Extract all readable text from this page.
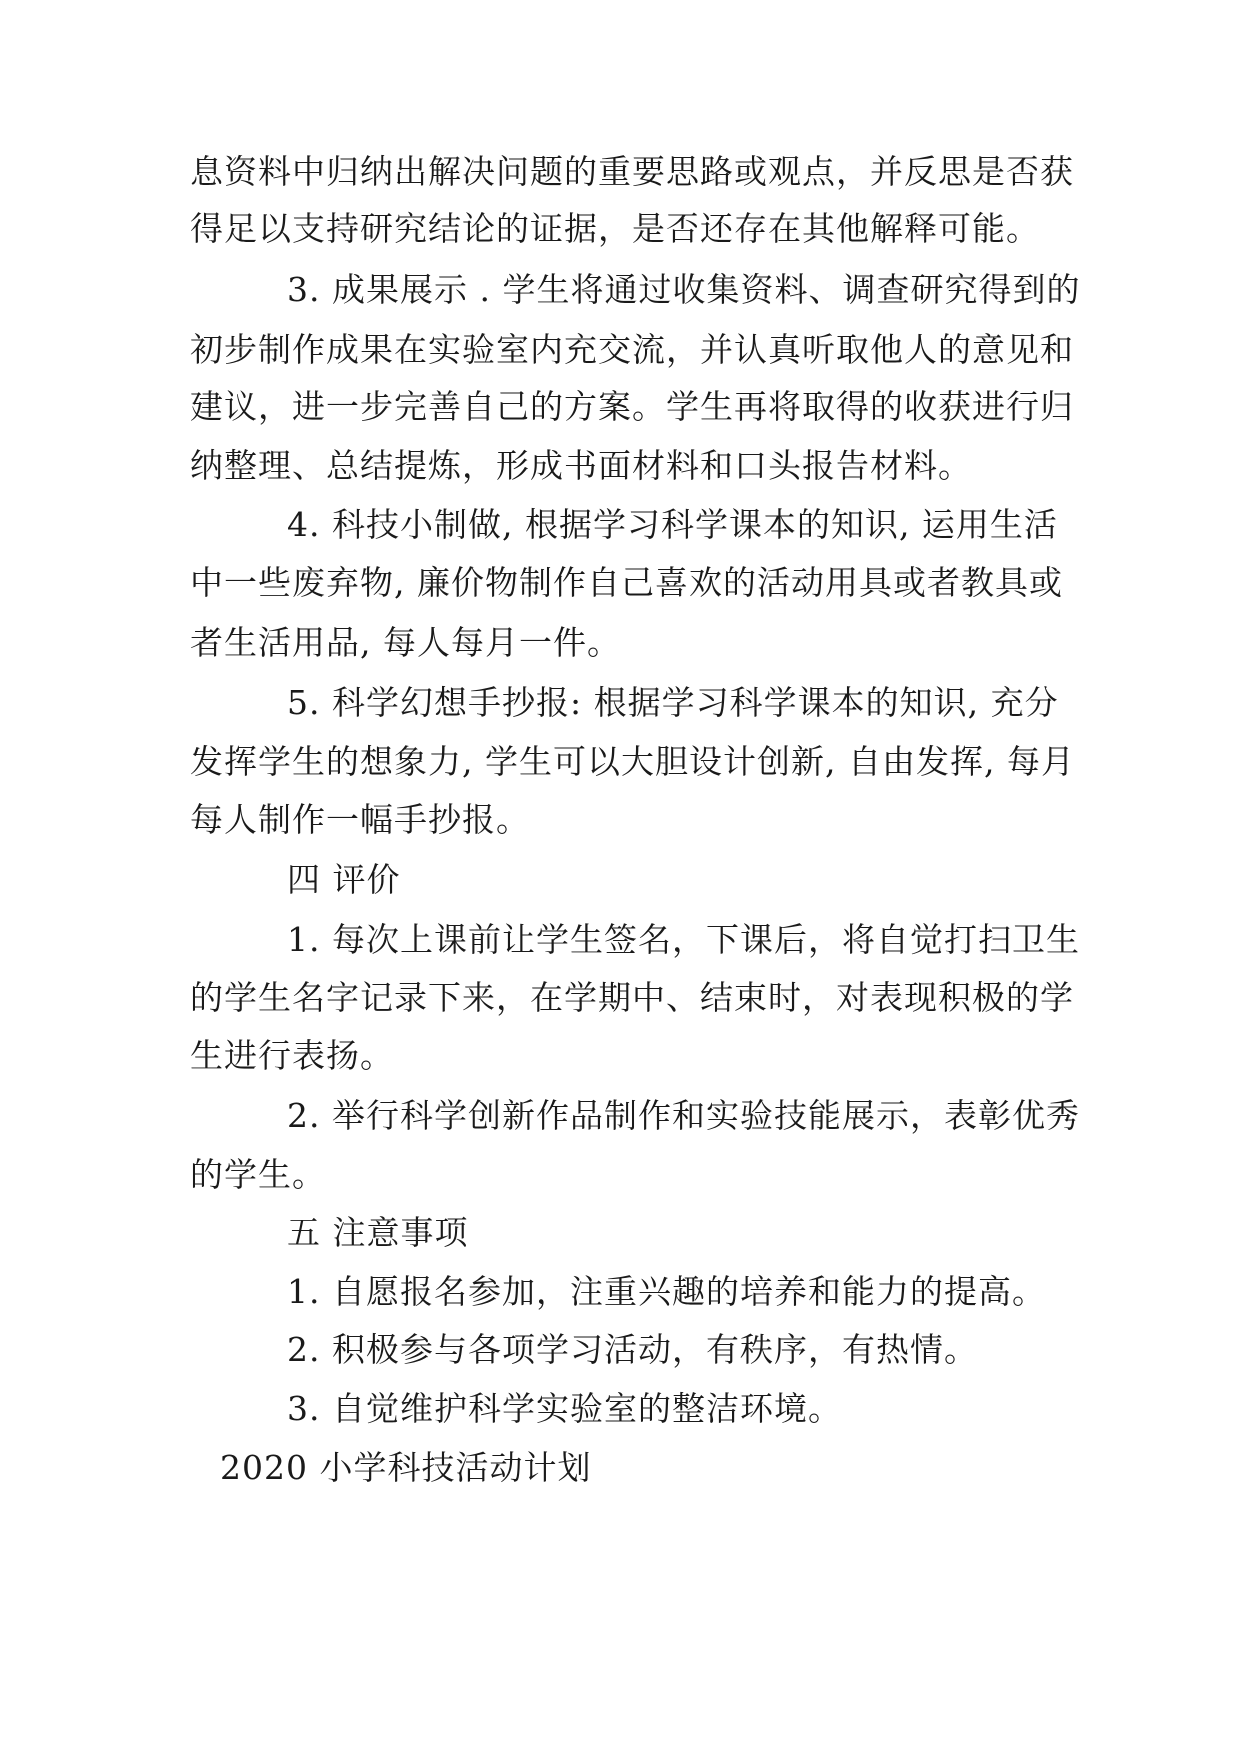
息资料中归纳出解决问题的重要思路或观点，并反思是否获
得足以支持研究结论的证据，是否还存在其他解释可能。
3. 成果展示 . 学生将通过收集资料、调查研究得到的
初步制作成果在实验室内充交流，并认真听取他人的意见和
建议，进一步完善自己的方案。学生再将取得的收获进行归
纳整理、总结提炼，形成书面材料和口头报告材料。
4. 科技小制做, 根据学习科学课本的知识, 运用生活
中一些废弃物, 廉价物制作自己喜欢的活动用具或者教具或
者生活用品, 每人每月一件。
5. 科学幻想手抄报: 根据学习科学课本的知识, 充分
发挥学生的想象力, 学生可以大胆设计创新, 自由发挥, 每月
每人制作一幅手抄报。
四 评价
1. 每次上课前让学生签名，下课后，将自觉打扫卫生
的学生名字记录下来，在学期中、结束时，对表现积极的学
生进行表扬。
2. 举行科学创新作品制作和实验技能展示，表彰优秀
的学生。
五 注意事项
1. 自愿报名参加，注重兴趣的培养和能力的提高。
2. 积极参与各项学习活动，有秩序，有热情。
3. 自觉维护科学实验室的整洁环境。
2020 小学科技活动计划
